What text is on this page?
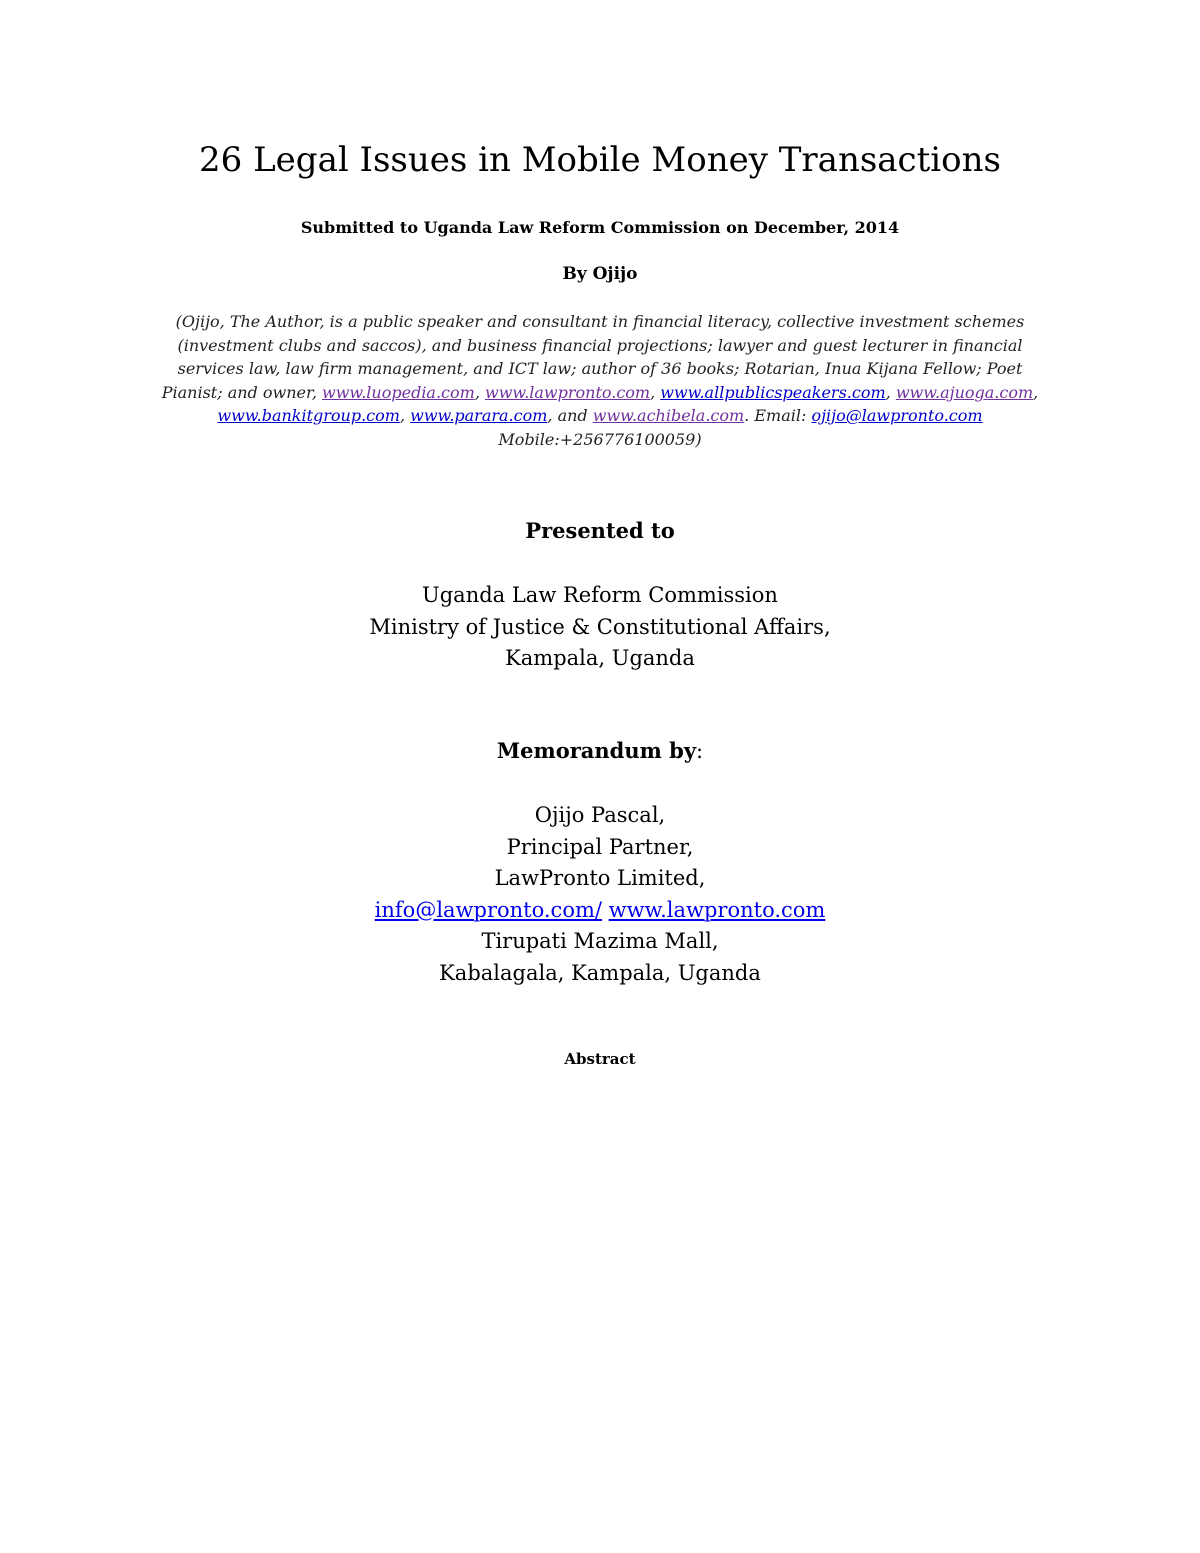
26 Legal Issues in Mobile Money Transactions
Submitted to Uganda Law Reform Commission on December, 2014
By Ojijo
(Ojijo, The Author, is a public speaker and consultant in financial literacy, collective investment schemes (investment clubs and saccos), and business financial projections; lawyer and guest lecturer in financial services law, law firm management, and ICT law; author of 36 books; Rotarian, Inua Kijana Fellow; Poet Pianist; and owner, www.luopedia.com, www.lawpronto.com, www.allpublicspeakers.com, www.ajuoga.com, www.bankitgroup.com, www.parara.com, and www.achibela.com. Email: ojijo@lawpronto.com
Mobile:+256776100059)
Presented to
Uganda Law Reform Commission
Ministry of Justice & Constitutional Affairs,
Kampala, Uganda
Memorandum by:
Ojijo Pascal,
Principal Partner,
LawPronto Limited,
info@lawpronto.com/ www.lawpronto.com
Tirupati Mazima Mall,
Kabalagala, Kampala, Uganda
Abstract
